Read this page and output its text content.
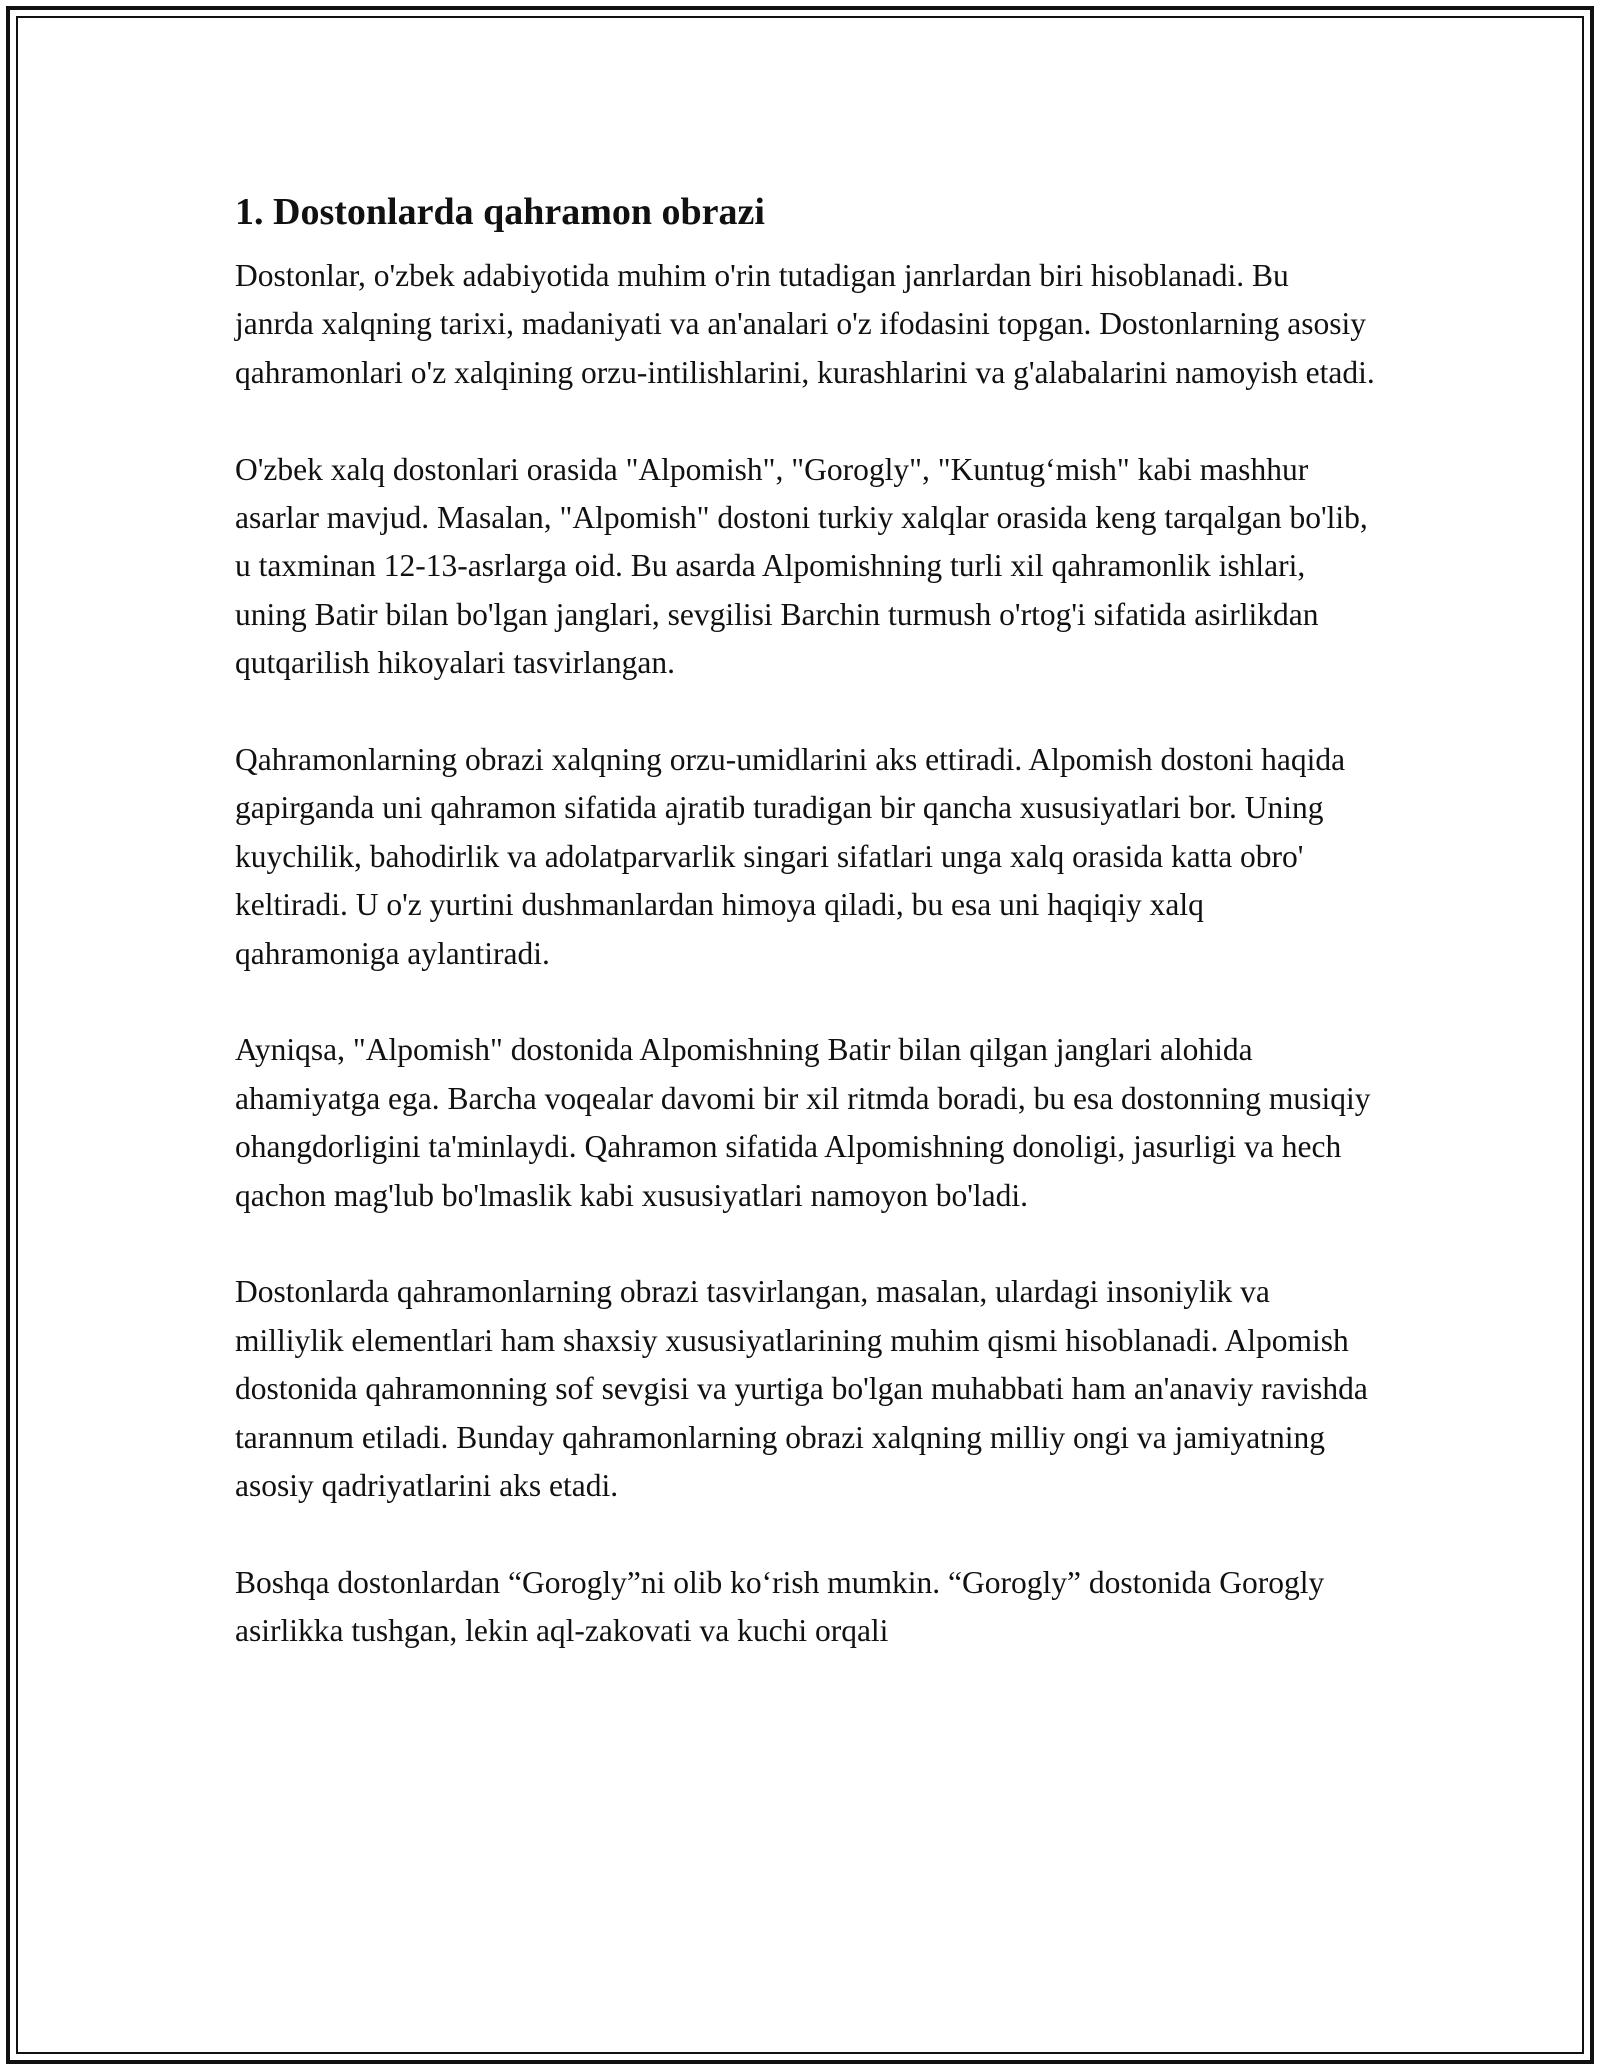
1. Dostonlarda qahramon obrazi

Dostonlar, o'zbek adabiyotida muhim o'rin tutadigan janrlardan biri hisoblanadi. Bu janrda xalqning tarixi, madaniyati va an'analari o'z ifodasini topgan. Dostonlarning asosiy qahramonlari o'z xalqining orzu-intilishlarini, kurashlarini va g'alabalarini namoyish etadi.

O'zbek xalq dostonlari orasida "Alpomish", "Gorogly", "Kuntug‘mish" kabi mashhur asarlar mavjud. Masalan, "Alpomish" dostoni turkiy xalqlar orasida keng tarqalgan bo'lib, u taxminan 12-13-asrlarga oid. Bu asarda Alpomishning turli xil qahramonlik ishlari, uning Batir bilan bo'lgan janglari, sevgilisi Barchin turmush o'rtog'i sifatida asirlikdan qutqarilish hikoyalari tasvirlangan.

Qahramonlarning obrazi xalqning orzu-umidlarini aks ettiradi. Alpomish dostoni haqida gapirganda uni qahramon sifatida ajratib turadigan bir qancha xususiyatlari bor. Uning kuychilik, bahodirlik va adolatparvarlik singari sifatlari unga xalq orasida katta obro' keltiradi. U o'z yurtini dushmanlardan himoya qiladi, bu esa uni haqiqiy xalq qahramoniga aylantiradi.

Ayniqsa, "Alpomish" dostonida Alpomishning Batir bilan qilgan janglari alohida ahamiyatga ega. Barcha voqealar davomi bir xil ritmda boradi, bu esa dostonning musiqiy ohangdorligini ta'minlaydi. Qahramon sifatida Alpomishning donoligi, jasurligi va hech qachon mag'lub bo'lmaslik kabi xususiyatlari namoyon bo'ladi.

Dostonlarda qahramonlarning obrazi tasvirlangan, masalan, ulardagi insoniylik va milliylik elementlari ham shaxsiy xususiyatlarining muhim qismi hisoblanadi. Alpomish dostonida qahramonning sof sevgisi va yurtiga bo'lgan muhabbati ham an'anaviy ravishda tarannum etiladi. Bunday qahramonlarning obrazi xalqning milliy ongi va jamiyatning asosiy qadriyatlarini aks etadi.

Boshqa dostonlardan “Gorogly”ni olib ko‘rish mumkin. “Gorogly” dostonida Gorogly asirlikka tushgan, lekin aql-zakovati va kuchi orqali
